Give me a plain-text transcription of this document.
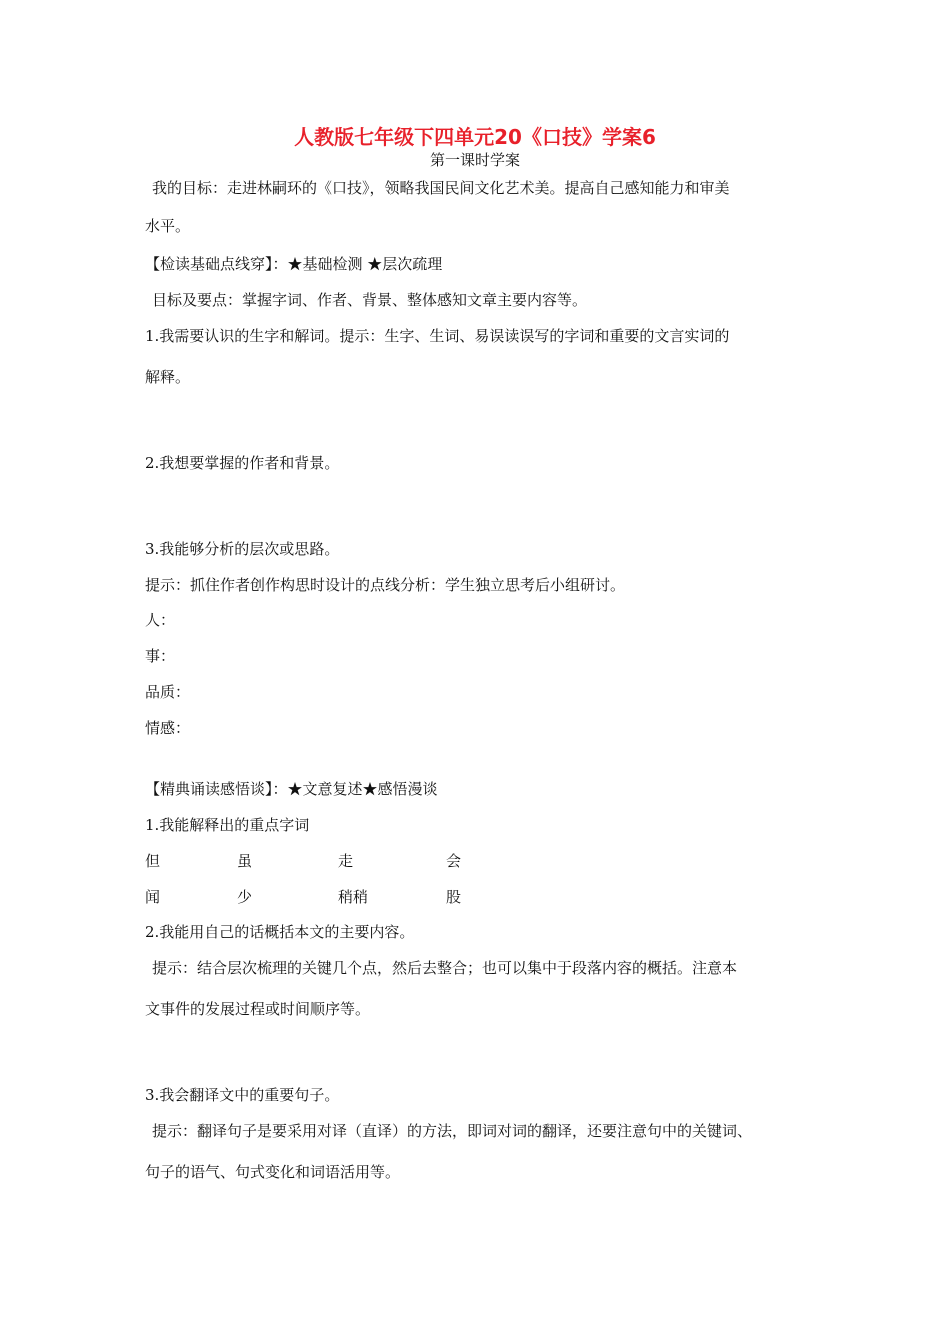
人教版七年级下四单元20《口技》学案6
第一课时学案
我的目标：走进林嗣环的《口技》，领略我国民间文化艺术美。提高自己感知能力和审美
水平。
【检读基础点线穿】：★基础检测 ★层次疏理
目标及要点：掌握字词、作者、背景、整体感知文章主要内容等。
1.我需要认识的生字和解词。提示：生字、生词、易误读误写的字词和重要的文言实词的
解释。
2.我想要掌握的作者和背景。
3.我能够分析的层次或思路。
提示：抓住作者创作构思时设计的点线分析：学生独立思考后小组研讨。
人：
事：
品质：
情感：
【精典诵读感悟谈】：★文意复述★感悟漫谈
1.我能解释出的重点字词
但	虽	走	会
闻	少	稍稍	股
2.我能用自己的话概括本文的主要内容。
提示：结合层次梳理的关键几个点，然后去整合；也可以集中于段落内容的概括。注意本
文事件的发展过程或时间顺序等。
3.我会翻译文中的重要句子。
提示：翻译句子是要采用对译（直译）的方法，即词对词的翻译，还要注意句中的关键词、
句子的语气、句式变化和词语活用等。
